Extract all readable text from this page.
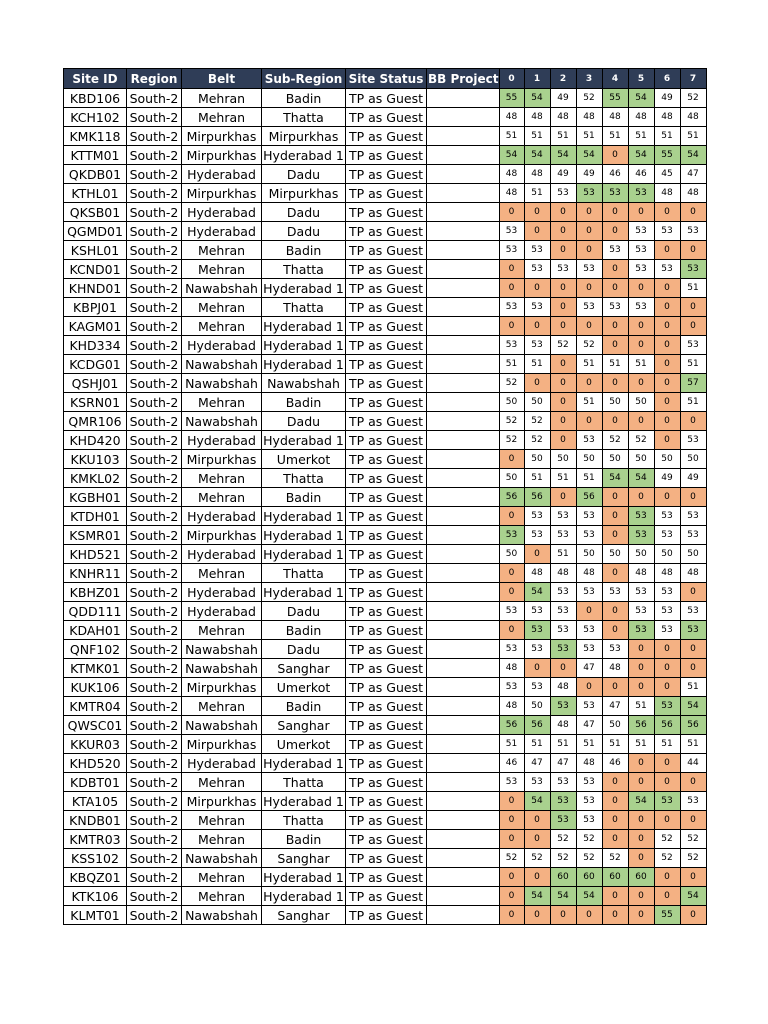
Site ID	Region	Belt	Sub-Region	Site Status	BB Project	0	1	2	3	4	5	6	7
KBD106	South-2	Mehran	Badin	TP as Guest		55	54	49	52	55	54	49	52
KCH102	South-2	Mehran	Thatta	TP as Guest		48	48	48	48	48	48	48	48
KMK118	South-2	Mirpurkhas	Mirpurkhas	TP as Guest		51	51	51	51	51	51	51	51
KTTM01	South-2	Mirpurkhas	Hyderabad 1	TP as Guest		54	54	54	54	0	54	55	54
QKDB01	South-2	Hyderabad	Dadu	TP as Guest		48	48	49	49	46	46	45	47
KTHL01	South-2	Mirpurkhas	Mirpurkhas	TP as Guest		48	51	53	53	53	53	48	48
QKSB01	South-2	Hyderabad	Dadu	TP as Guest		0	0	0	0	0	0	0	0
QGMD01	South-2	Hyderabad	Dadu	TP as Guest		53	0	0	0	0	53	53	53
KSHL01	South-2	Mehran	Badin	TP as Guest		53	53	0	0	53	53	0	0
KCND01	South-2	Mehran	Thatta	TP as Guest		0	53	53	53	0	53	53	53
KHND01	South-2	Nawabshah	Hyderabad 1	TP as Guest		0	0	0	0	0	0	0	51
KBPJ01	South-2	Mehran	Thatta	TP as Guest		53	53	0	53	53	53	0	0
KAGM01	South-2	Mehran	Hyderabad 1	TP as Guest		0	0	0	0	0	0	0	0
KHD334	South-2	Hyderabad	Hyderabad 1	TP as Guest		53	53	52	52	0	0	0	53
KCDG01	South-2	Nawabshah	Hyderabad 1	TP as Guest		51	51	0	51	51	51	0	51
QSHJ01	South-2	Nawabshah	Nawabshah	TP as Guest		52	0	0	0	0	0	0	57
KSRN01	South-2	Mehran	Badin	TP as Guest		50	50	0	51	50	50	0	51
QMR106	South-2	Nawabshah	Dadu	TP as Guest		52	52	0	0	0	0	0	0
KHD420	South-2	Hyderabad	Hyderabad 1	TP as Guest		52	52	0	53	52	52	0	53
KKU103	South-2	Mirpurkhas	Umerkot	TP as Guest		0	50	50	50	50	50	50	50
KMKL02	South-2	Mehran	Thatta	TP as Guest		50	51	51	51	54	54	49	49
KGBH01	South-2	Mehran	Badin	TP as Guest		56	56	0	56	0	0	0	0
KTDH01	South-2	Hyderabad	Hyderabad 1	TP as Guest		0	53	53	53	0	53	53	53
KSMR01	South-2	Mirpurkhas	Hyderabad 1	TP as Guest		53	53	53	53	0	53	53	53
KHD521	South-2	Hyderabad	Hyderabad 1	TP as Guest		50	0	51	50	50	50	50	50
KNHR11	South-2	Mehran	Thatta	TP as Guest		0	48	48	48	0	48	48	48
KBHZ01	South-2	Hyderabad	Hyderabad 1	TP as Guest		0	54	53	53	53	53	53	0
QDD111	South-2	Hyderabad	Dadu	TP as Guest		53	53	53	0	0	53	53	53
KDAH01	South-2	Mehran	Badin	TP as Guest		0	53	53	53	0	53	53	53
QNF102	South-2	Nawabshah	Dadu	TP as Guest		53	53	53	53	53	0	0	0
KTMK01	South-2	Nawabshah	Sanghar	TP as Guest		48	0	0	47	48	0	0	0
KUK106	South-2	Mirpurkhas	Umerkot	TP as Guest		53	53	48	0	0	0	0	51
KMTR04	South-2	Mehran	Badin	TP as Guest		48	50	53	53	47	51	53	54
QWSC01	South-2	Nawabshah	Sanghar	TP as Guest		56	56	48	47	50	56	56	56
KKUR03	South-2	Mirpurkhas	Umerkot	TP as Guest		51	51	51	51	51	51	51	51
KHD520	South-2	Hyderabad	Hyderabad 1	TP as Guest		46	47	47	48	46	0	0	44
KDBT01	South-2	Mehran	Thatta	TP as Guest		53	53	53	53	0	0	0	0
KTA105	South-2	Mirpurkhas	Hyderabad 1	TP as Guest		0	54	53	53	0	54	53	53
KNDB01	South-2	Mehran	Thatta	TP as Guest		0	0	53	53	0	0	0	0
KMTR03	South-2	Mehran	Badin	TP as Guest		0	0	52	52	0	0	52	52
KSS102	South-2	Nawabshah	Sanghar	TP as Guest		52	52	52	52	52	0	52	52
KBQZ01	South-2	Mehran	Hyderabad 1	TP as Guest		0	0	60	60	60	60	0	0
KTK106	South-2	Mehran	Hyderabad 1	TP as Guest		0	54	54	54	0	0	0	54
KLMT01	South-2	Nawabshah	Sanghar	TP as Guest		0	0	0	0	0	0	55	0
